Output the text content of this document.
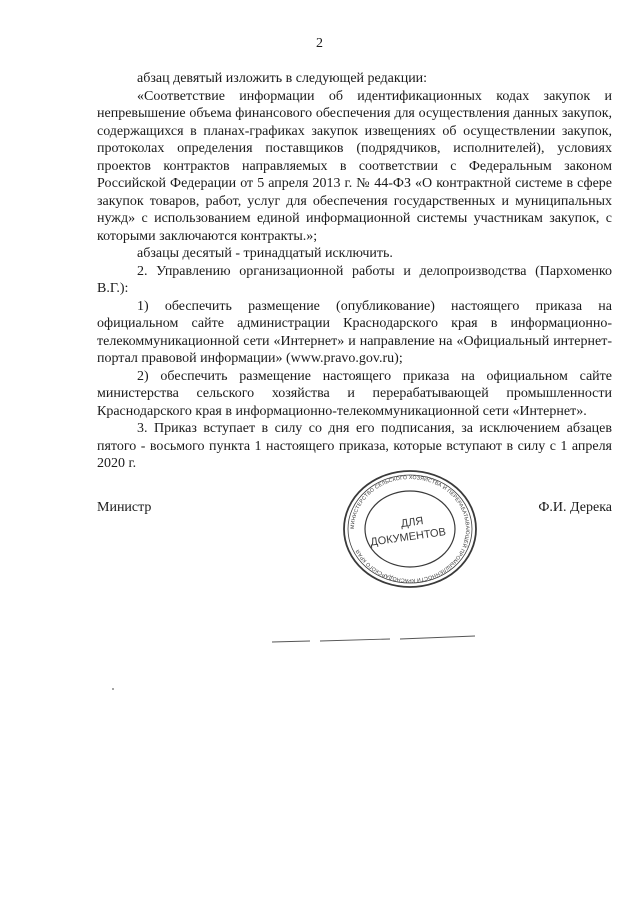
2

абзац девятый изложить в следующей редакции:

«Соответствие информации об идентификационных кодах закупок и непревышение объема финансового обеспечения для осуществления данных закупок, содержащихся в планах-графиках закупок извещениях об осуществлении закупок, протоколах определения поставщиков (подрядчиков, исполнителей), условиях проектов контрактов направляемых в соответствии с Федеральным законом Российской Федерации от 5 апреля 2013 г. № 44-ФЗ «О контрактной системе в сфере закупок товаров, работ, услуг для обеспечения государственных и муниципальных нужд» с использованием единой информационной системы участникам закупок, с которыми заключаются контракты.»;

абзацы десятый - тринадцатый исключить.

2. Управлению организационной работы и делопроизводства (Пархоменко В.Г.):

1) обеспечить размещение (опубликование) настоящего приказа на официальном сайте администрации Краснодарского края в информационно-телекоммуникационной сети «Интернет» и направление на «Официальный интернет-портал правовой информации» (www.pravo.gov.ru);

2) обеспечить размещение настоящего приказа на официальном сайте министерства сельского хозяйства и перерабатывающей промышленности Краснодарского края в информационно-телекоммуникационной сети «Интернет».

3. Приказ вступает в силу со дня его подписания, за исключением абзацев пятого - восьмого пункта 1 настоящего приказа, которые вступают в силу с 1 апреля 2020 г.

Министр	Ф.И. Дерека
МИНИСТЕРСТВО СЕЛЬСКОГО ХОЗЯЙСТВА И ПЕРЕРАБАТЫВАЮЩЕЙ ПРОМЫШЛЕННОСТИ КРАСНОДАРСКОГО КРАЯ
ДЛЯ
ДОКУМЕНТОВ
